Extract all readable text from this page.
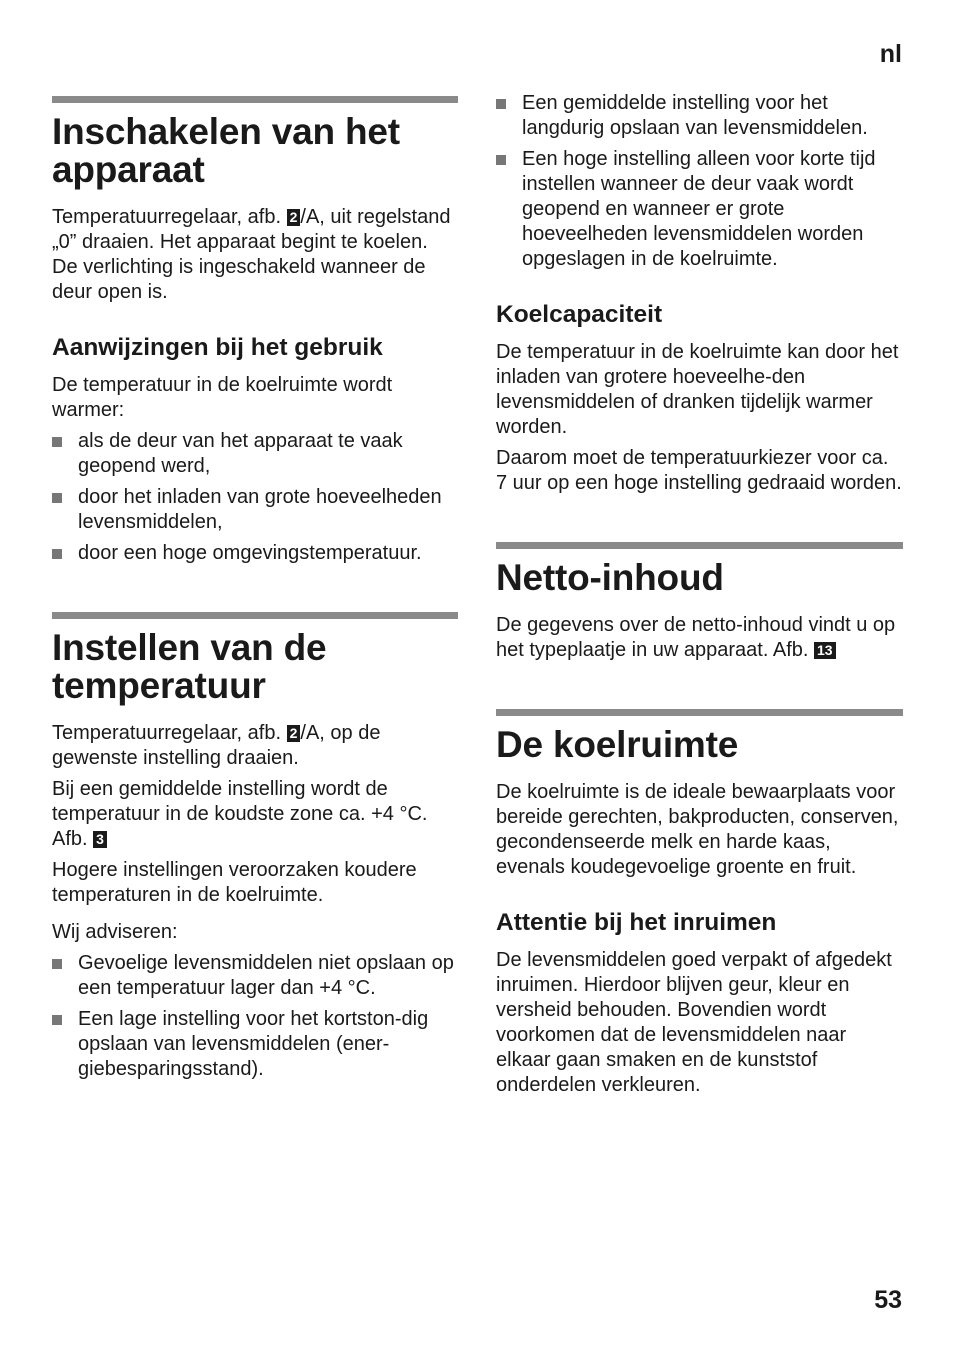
nl
Inschakelen van het apparaat

Temperatuurregelaar, afb. 2 /A, uit regelstand „0” draaien. Het apparaat begint te koelen. De verlichting is ingeschakeld wanneer de deur open is.

Aanwijzingen bij het gebruik

De temperatuur in de koelruimte wordt warmer:

als de deur van het apparaat te vaak geopend werd,
door het inladen van grote hoeveelheden levensmiddelen,
door een hoge omgevingstemperatuur.
Instellen van de temperatuur

Temperatuurregelaar, afb. 2 /A, op de gewenste instelling draaien.

Bij een gemiddelde instelling wordt de temperatuur in de koudste zone ca. +4 °C. Afb. 3

Hogere instellingen veroorzaken koudere temperaturen in de koelruimte.

Wij adviseren:

Gevoelige levensmiddelen niet opslaan op een temperatuur lager dan +4 °C.
Een lage instelling voor het kortston-dig opslaan van levensmiddelen (ener-giebesparingsstand).
Een gemiddelde instelling voor het langdurig opslaan van levensmiddelen.
Een hoge instelling alleen voor korte tijd instellen wanneer de deur vaak wordt geopend en wanneer er grote hoeveelheden levensmiddelen worden opgeslagen in de koelruimte.
Koelcapaciteit

De temperatuur in de koelruimte kan door het inladen van grotere hoeveelhe-den levensmiddelen of dranken tijdelijk warmer worden.

Daarom moet de temperatuurkiezer voor ca. 7 uur op een hoge instelling gedraaid worden.

Netto-inhoud

De gegevens over de netto-inhoud vindt u op het typeplaatje in uw apparaat. Afb. 13

De koelruimte

De koelruimte is de ideale bewaarplaats voor bereide gerechten, bakproducten, conserven, gecondenseerde melk en harde kaas, evenals koudegevoelige groente en fruit.

Attentie bij het inruimen

De levensmiddelen goed verpakt of afgedekt inruimen. Hierdoor blijven geur, kleur en versheid behouden. Bovendien wordt voorkomen dat de levensmiddelen naar elkaar gaan smaken en de kunststof onderdelen verkleuren.

53
